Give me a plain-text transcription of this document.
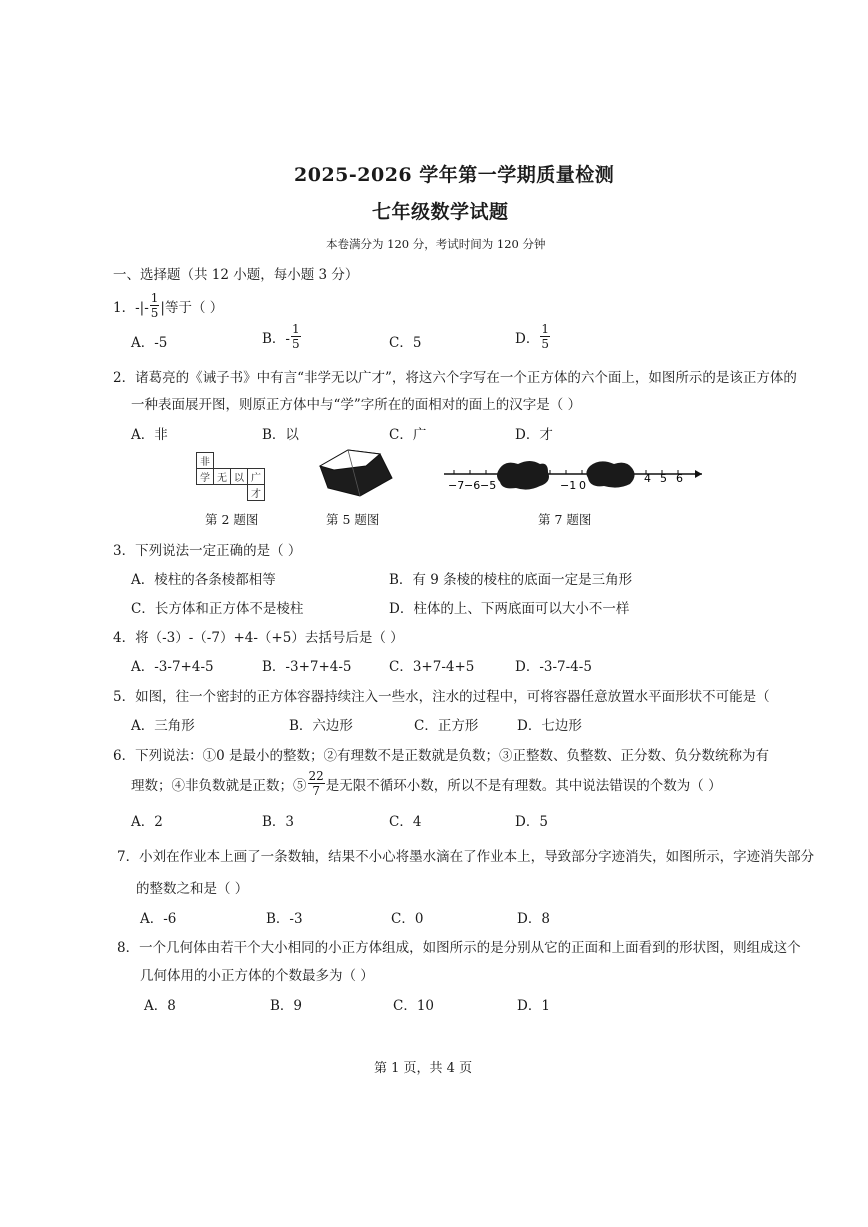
2025-2026 学年第一学期质量检测
七年级数学试题
本卷满分为 120 分，考试时间为 120 分钟
一、选择题（共 12 小题，每小题 3 分）
1．-|- $\frac{1}{5}$ |等于（ ）
A．-5	B．- $\frac{1}{5}$	C．5	D． $\frac{1}{5}$
2．诸葛亮的《诫子书》中有言“非学无以广才”，将这六个字写在一个正方体的六个面上，如图所示的是该正方体的
一种表面展开图，则原正方体中与“学”字所在的面相对的面上的汉字是（ ）
A．非	B．以	C．广	D．才
非			
学	无	以	广
			才
第 2 题图	第 5 题图
−7 −6 −5	−1 0
4 5 6
第 7 题图
3．下列说法一定正确的是（ ）
A．棱柱的各条棱都相等	B．有 9 条棱的棱柱的底面一定是三角形
C．长方体和正方体不是棱柱	D．柱体的上、下两底面可以大小不一样
4．将（-3）-（-7）+4-（+5）去括号后是（ ）
A．-3-7+4-5	B．-3+7+4-5	C．3+7-4+5	D．-3-7-4-5
5．如图，往一个密封的正方体容器持续注入一些水，注水的过程中，可将容器任意放置水平面形状不可能是（
A．三角形	B．六边形	C．正方形	D．七边形
6．下列说法：①0 是最小的整数；②有理数不是正数就是负数；③正整数、负整数、正分数、负分数统称为有
理数；④非负数就是正数；⑤ $\frac{22}{7}$ 是无限不循环小数，所以不是有理数。其中说法错误的个数为（ ）
A．2	B．3	C．4	D．5
7．小刘在作业本上画了一条数轴，结果不小心将墨水滴在了作业本上，导致部分字迹消失，如图所示，字迹消失部分
的整数之和是（ ）
A．-6	B．-3	C．0	D．8
8．一个几何体由若干个大小相同的小正方体组成，如图所示的是分别从它的正面和上面看到的形状图，则组成这个
几何体用的小正方体的个数最多为（ ）
A．8	B．9	C．10	D．1
第 1 页，共 4 页
